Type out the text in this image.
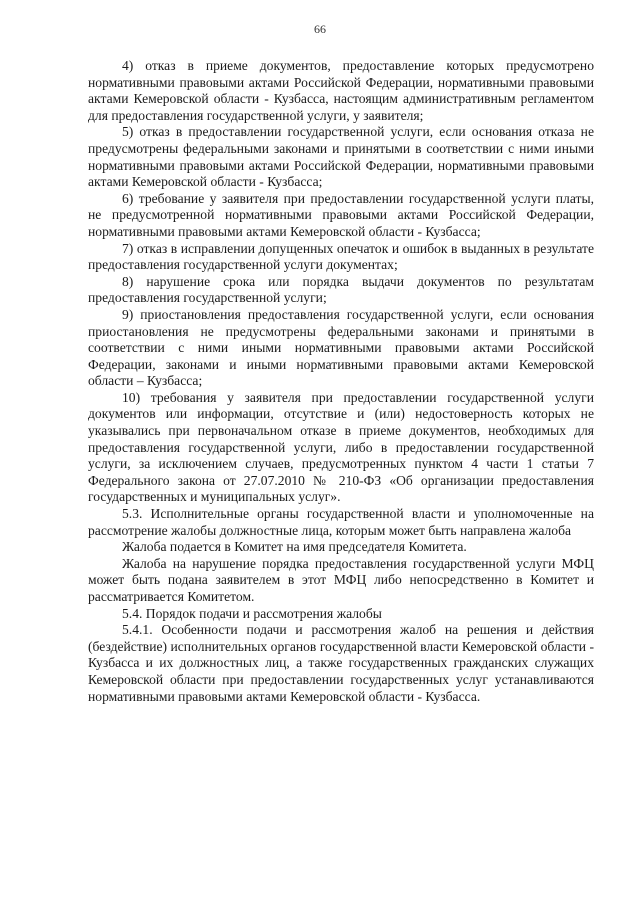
66

4) отказ в приеме документов, предоставление которых предусмотрено нормативными правовыми актами Российской Федерации, нормативными правовыми актами Кемеровской области - Кузбасса, настоящим административным регламентом для предоставления государственной услуги, у заявителя;

5) отказ в предоставлении государственной услуги, если основания отказа не предусмотрены федеральными законами и принятыми в соответствии с ними иными нормативными правовыми актами Российской Федерации, нормативными правовыми актами Кемеровской области - Кузбасса;

6) требование у заявителя при предоставлении государственной услуги платы, не предусмотренной нормативными правовыми актами Российской Федерации, нормативными правовыми актами Кемеровской области - Кузбасса;

7) отказ в исправлении допущенных опечаток и ошибок в выданных в результате предоставления государственной услуги документах;

8) нарушение срока или порядка выдачи документов по результатам предоставления государственной услуги;

9) приостановления предоставления государственной услуги, если основания приостановления не предусмотрены федеральными законами и принятыми в соответствии с ними иными нормативными правовыми актами Российской Федерации, законами и иными нормативными правовыми актами Кемеровской области – Кузбасса;

10) требования у заявителя при предоставлении государственной услуги документов или информации, отсутствие и (или) недостоверность которых не указывались при первоначальном отказе в приеме документов, необходимых для предоставления государственной услуги, либо в предоставлении государственной услуги, за исключением случаев, предусмотренных пунктом 4 части 1 статьи 7 Федерального закона от 27.07.2010 № 210-ФЗ «Об организации предоставления государственных и муниципальных услуг».

5.3. Исполнительные органы государственной власти и уполномоченные на рассмотрение жалобы должностные лица, которым может быть направлена жалоба

Жалоба подается в Комитет на имя председателя Комитета.

Жалоба на нарушение порядка предоставления государственной услуги МФЦ может быть подана заявителем в этот МФЦ либо непосредственно в Комитет и рассматривается Комитетом.

5.4. Порядок подачи и рассмотрения жалобы

5.4.1. Особенности подачи и рассмотрения жалоб на решения и действия (бездействие) исполнительных органов государственной власти Кемеровской области - Кузбасса и их должностных лиц, а также государственных гражданских служащих Кемеровской области при предоставлении государственных услуг устанавливаются нормативными правовыми актами Кемеровской области - Кузбасса.
